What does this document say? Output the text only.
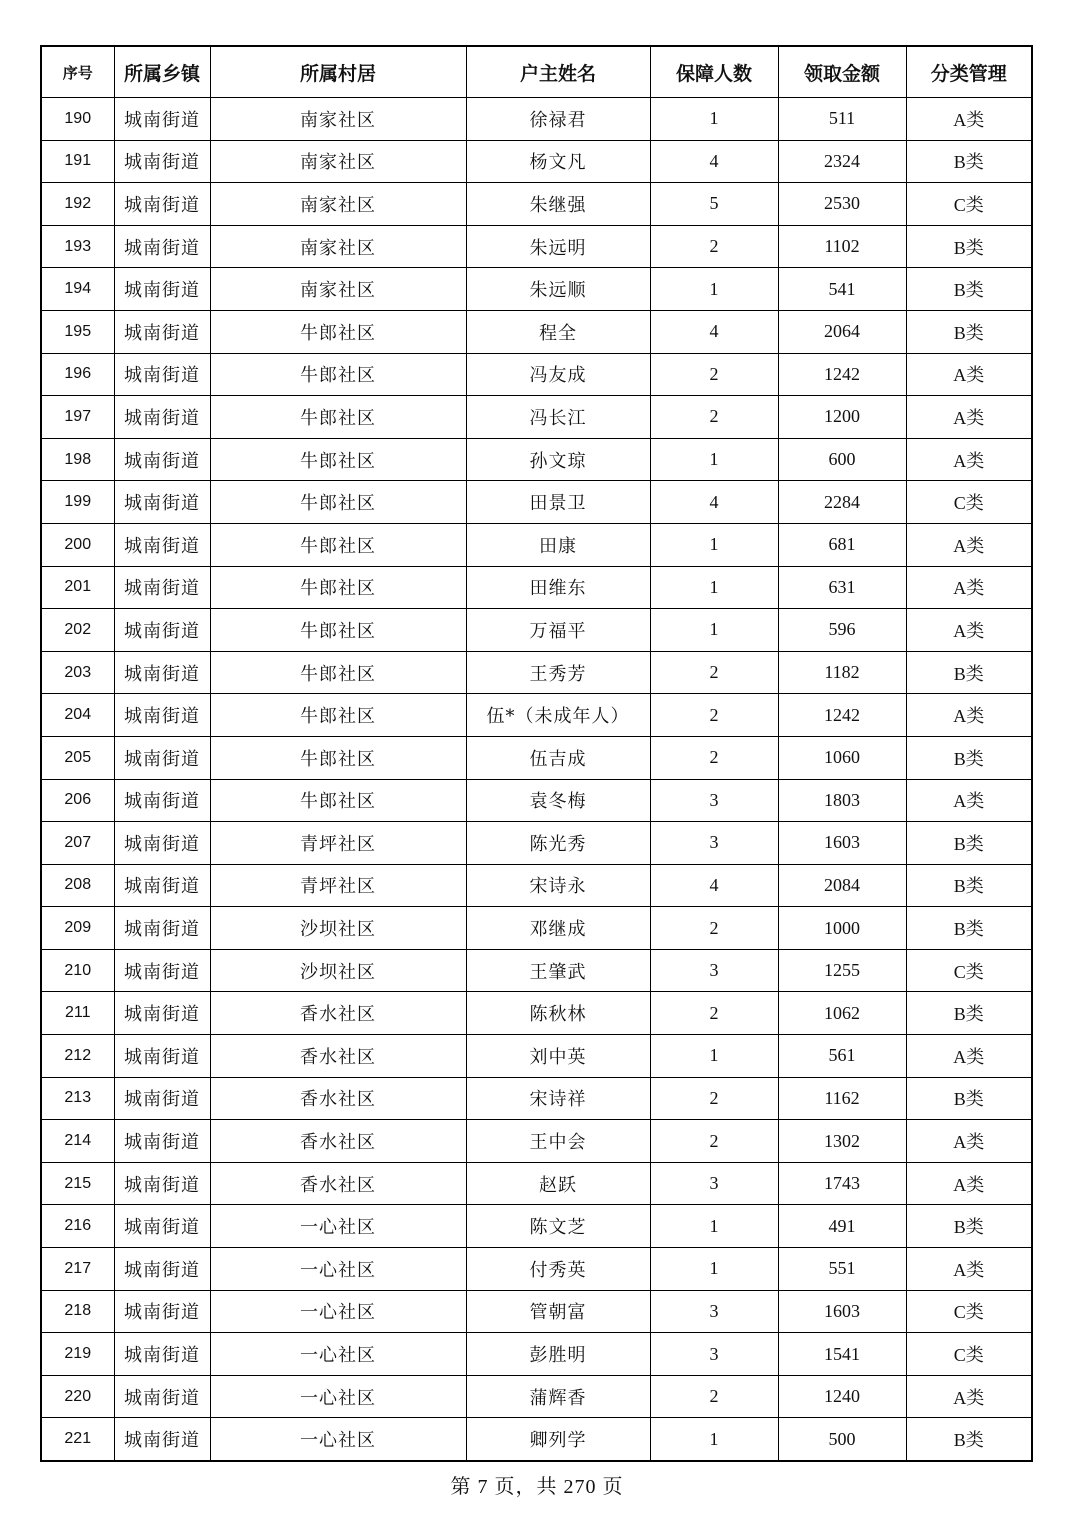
序号	所属乡镇	所属村居	户主姓名	保障人数	领取金额	分类管理
190	城南街道	南家社区	徐禄君	1	511	A类
191	城南街道	南家社区	杨文凡	4	2324	B类
192	城南街道	南家社区	朱继强	5	2530	C类
193	城南街道	南家社区	朱远明	2	1102	B类
194	城南街道	南家社区	朱远顺	1	541	B类
195	城南街道	牛郎社区	程全	4	2064	B类
196	城南街道	牛郎社区	冯友成	2	1242	A类
197	城南街道	牛郎社区	冯长江	2	1200	A类
198	城南街道	牛郎社区	孙文琼	1	600	A类
199	城南街道	牛郎社区	田景卫	4	2284	C类
200	城南街道	牛郎社区	田康	1	681	A类
201	城南街道	牛郎社区	田维东	1	631	A类
202	城南街道	牛郎社区	万福平	1	596	A类
203	城南街道	牛郎社区	王秀芳	2	1182	B类
204	城南街道	牛郎社区	伍*（未成年人）	2	1242	A类
205	城南街道	牛郎社区	伍吉成	2	1060	B类
206	城南街道	牛郎社区	袁冬梅	3	1803	A类
207	城南街道	青坪社区	陈光秀	3	1603	B类
208	城南街道	青坪社区	宋诗永	4	2084	B类
209	城南街道	沙坝社区	邓继成	2	1000	B类
210	城南街道	沙坝社区	王肇武	3	1255	C类
211	城南街道	香水社区	陈秋林	2	1062	B类
212	城南街道	香水社区	刘中英	1	561	A类
213	城南街道	香水社区	宋诗祥	2	1162	B类
214	城南街道	香水社区	王中会	2	1302	A类
215	城南街道	香水社区	赵跃	3	1743	A类
216	城南街道	一心社区	陈文芝	1	491	B类
217	城南街道	一心社区	付秀英	1	551	A类
218	城南街道	一心社区	管朝富	3	1603	C类
219	城南街道	一心社区	彭胜明	3	1541	C类
220	城南街道	一心社区	蒲辉香	2	1240	A类
221	城南街道	一心社区	卿列学	1	500	B类
第 7 页，共 270 页
